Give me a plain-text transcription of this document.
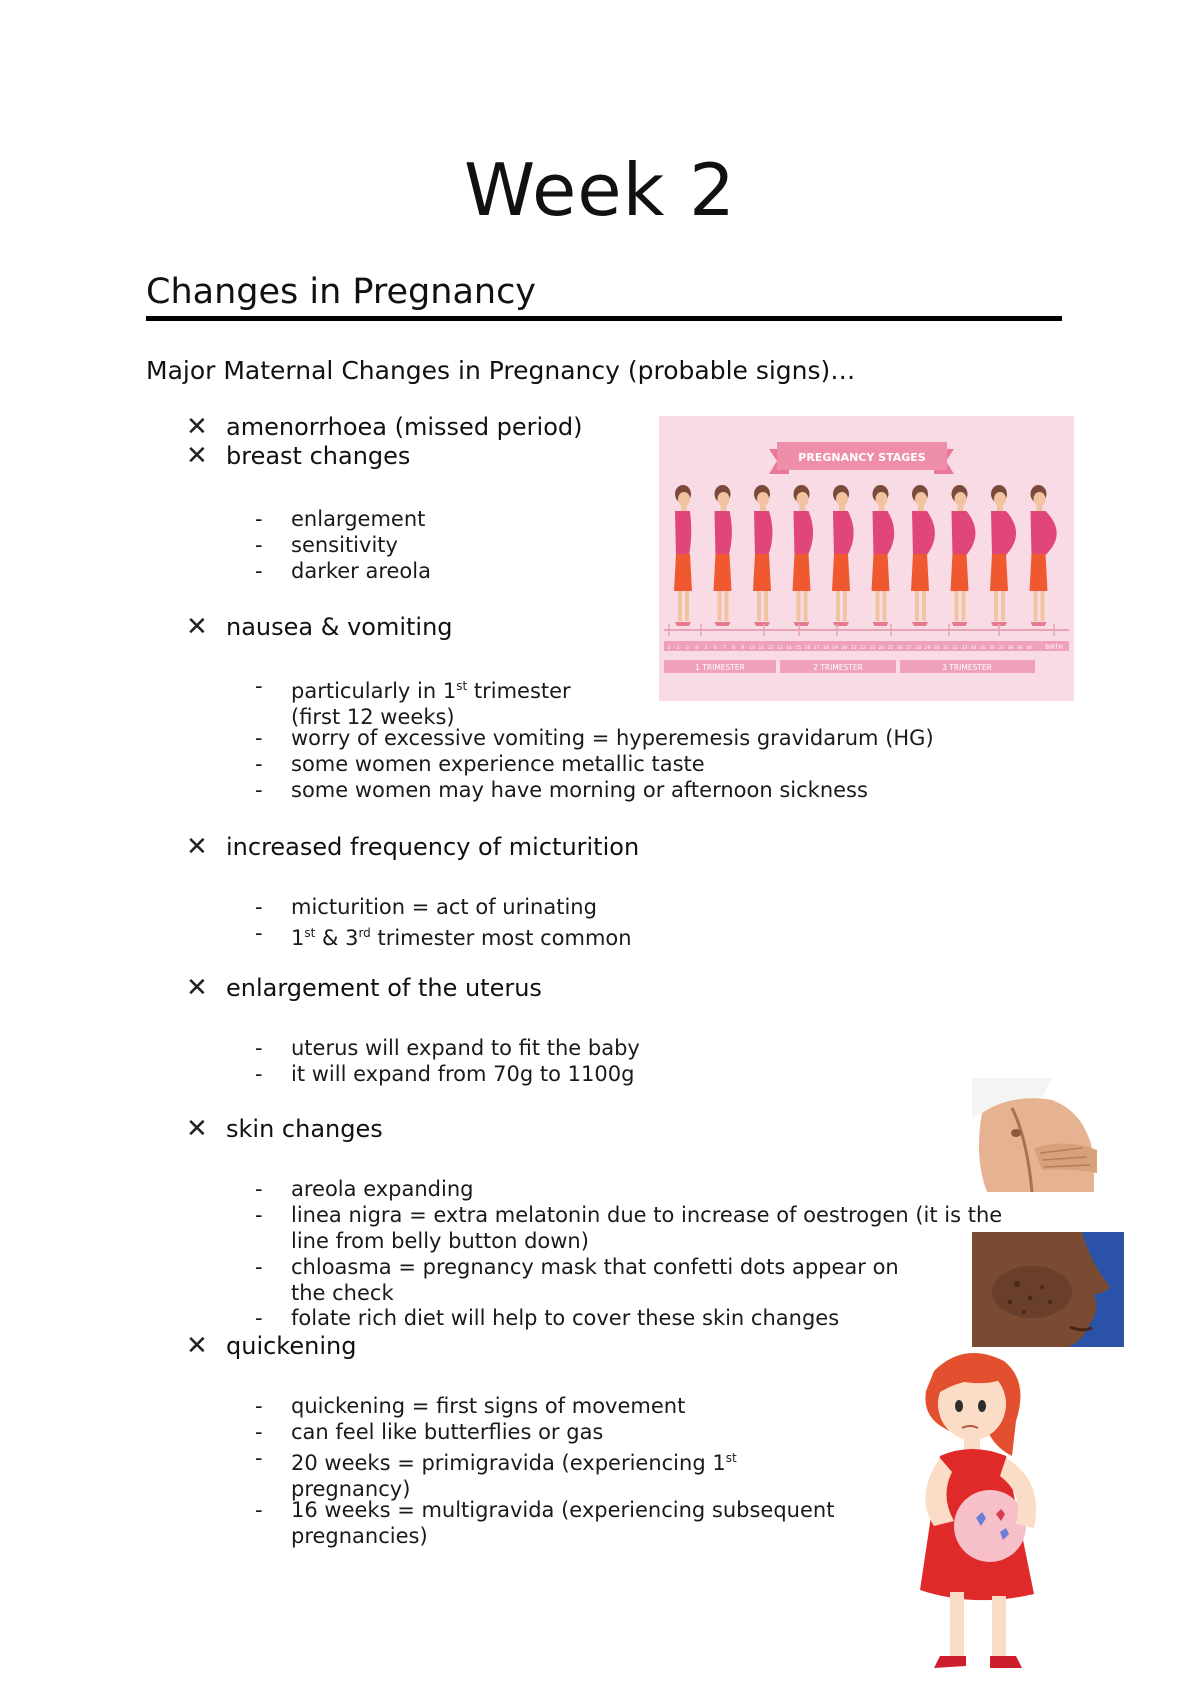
Week 2
Changes in Pregnancy
Major Maternal Changes in Pregnancy (probable signs)…
✕ amenorrhoea (missed period)
✕ breast changes
- enlargement
- sensitivity
- darker areola
✕ nausea & vomiting
- particularly in 1st trimester
(first 12 weeks)
- worry of excessive vomiting = hyperemesis gravidarum (HG)
- some women experience metallic taste
- some women may have morning or afternoon sickness
✕ increased frequency of micturition
- micturition = act of urinating
- 1st & 3rd trimester most common
✕ enlargement of the uterus
- uterus will expand to fit the baby
- it will expand from 70g to 1100g
✕ skin changes
- areola expanding
- linea nigra = extra melatonin due to increase of oestrogen (it is the
line from belly button down)
- chloasma = pregnancy mask that confetti dots appear on
the check
- folate rich diet will help to cover these skin changes
✕ quickening
- quickening = first signs of movement
- can feel like butterflies or gas
- 20 weeks = primigravida (experiencing 1st
pregnancy)
- 16 weeks = multigravida (experiencing subsequent
pregnancies)
PREGNANCY STAGES
1 2 3 4 5 6 7 8 9 10 11 12 13 14 15 16 17 18 19 20 21 22 23 24 25 26 27 28 29 30 31 32 33 34 35 36 37 38 39 40 BIRTH
1 TRIMESTER	2 TRIMESTER	3 TRIMESTER
